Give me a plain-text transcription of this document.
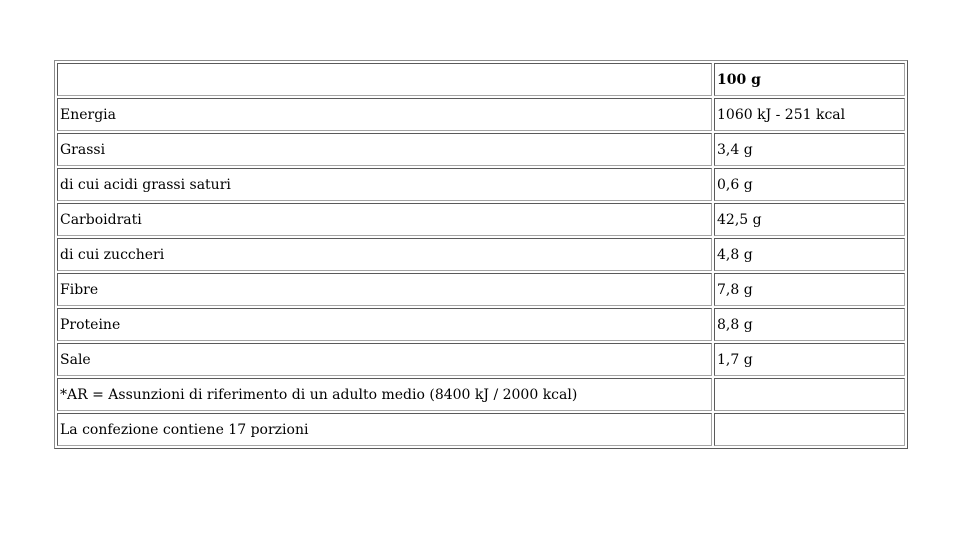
	100 g
Energia	1060 kJ - 251 kcal
Grassi	3,4 g
di cui acidi grassi saturi	0,6 g
Carboidrati	42,5 g
di cui zuccheri	4,8 g
Fibre	7,8 g
Proteine	8,8 g
Sale	1,7 g
*AR = Assunzioni di riferimento di un adulto medio (8400 kJ / 2000 kcal)	
La confezione contiene 17 porzioni	
